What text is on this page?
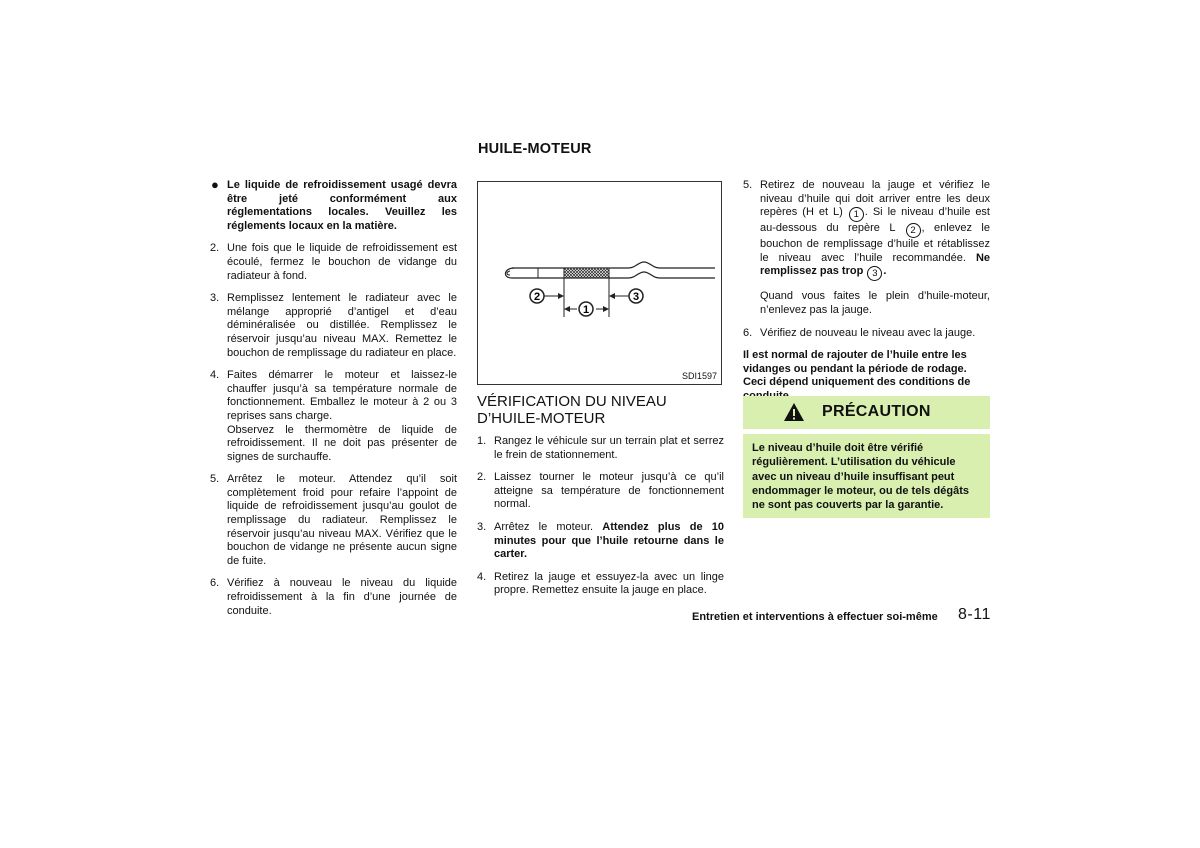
HUILE-MOTEUR
● Le liquide de refroidissement usagé devra être jeté conformément aux réglementations locales. Veuillez les réglements locaux en la matière.
2. Une fois que le liquide de refroidissement est écoulé, fermez le bouchon de vidange du radiateur à fond.
3. Remplissez lentement le radiateur avec le mélange approprié d’antigel et d’eau déminéralisée ou distillée. Remplissez le réservoir jusqu’au niveau MAX. Remettez le bouchon de remplissage du radiateur en place.
4. Faites démarrer le moteur et laissez-le chauffer jusqu’à sa température normale de fonctionnement. Emballez le moteur à 2 ou 3 reprises sans charge.
Observez le thermomètre de liquide de refroidissement. Il ne doit pas présenter de signes de surchauffe.
5. Arrêtez le moteur. Attendez qu’il soit complètement froid pour refaire l’appoint de liquide de refroidissement jusqu’au goulot de remplissage du radiateur. Remplissez le réservoir jusqu’au niveau MAX. Vérifiez que le bouchon de vidange ne présente aucun signe de fuite.
6. Vérifiez à nouveau le niveau du liquide refroidissement à la fin d’une journée de conduite.
2
1
3
SDI1597
VÉRIFICATION DU NIVEAU
D’HUILE-MOTEUR
1. Rangez le véhicule sur un terrain plat et serrez le frein de stationnement.
2. Laissez tourner le moteur jusqu’à ce qu’il atteigne sa température de fonctionnement normal.
3. Arrêtez le moteur. Attendez plus de 10 minutes pour que l’huile retourne dans le carter.
4. Retirez la jauge et essuyez-la avec un linge propre. Remettez ensuite la jauge en place.
5. Retirez de nouveau la jauge et vérifiez le niveau d’huile qui doit arriver entre les deux repères (H et L) 1 . Si le niveau d’huile est au-dessous du repère L 2 , enlevez le bouchon de remplissage d’huile et rétablissez le niveau avec l’huile recommandée. Ne remplissez pas trop 3 .
Quand vous faites le plein d’huile-moteur, n’enlevez pas la jauge.
6. Vérifiez de nouveau le niveau avec la jauge.
Il est normal de rajouter de l’huile entre les vidanges ou pendant la période de rodage. Ceci dépend uniquement des conditions de
PRÉCAUTION
Le niveau d’huile doit être vérifié régulièrement. L’utilisation du véhicule avec un niveau d’huile insuffisant peut endommager le moteur, ou de tels dégâts ne sont pas couverts par la garantie.
Entretien et interventions à effectuer soi-même 8-11
